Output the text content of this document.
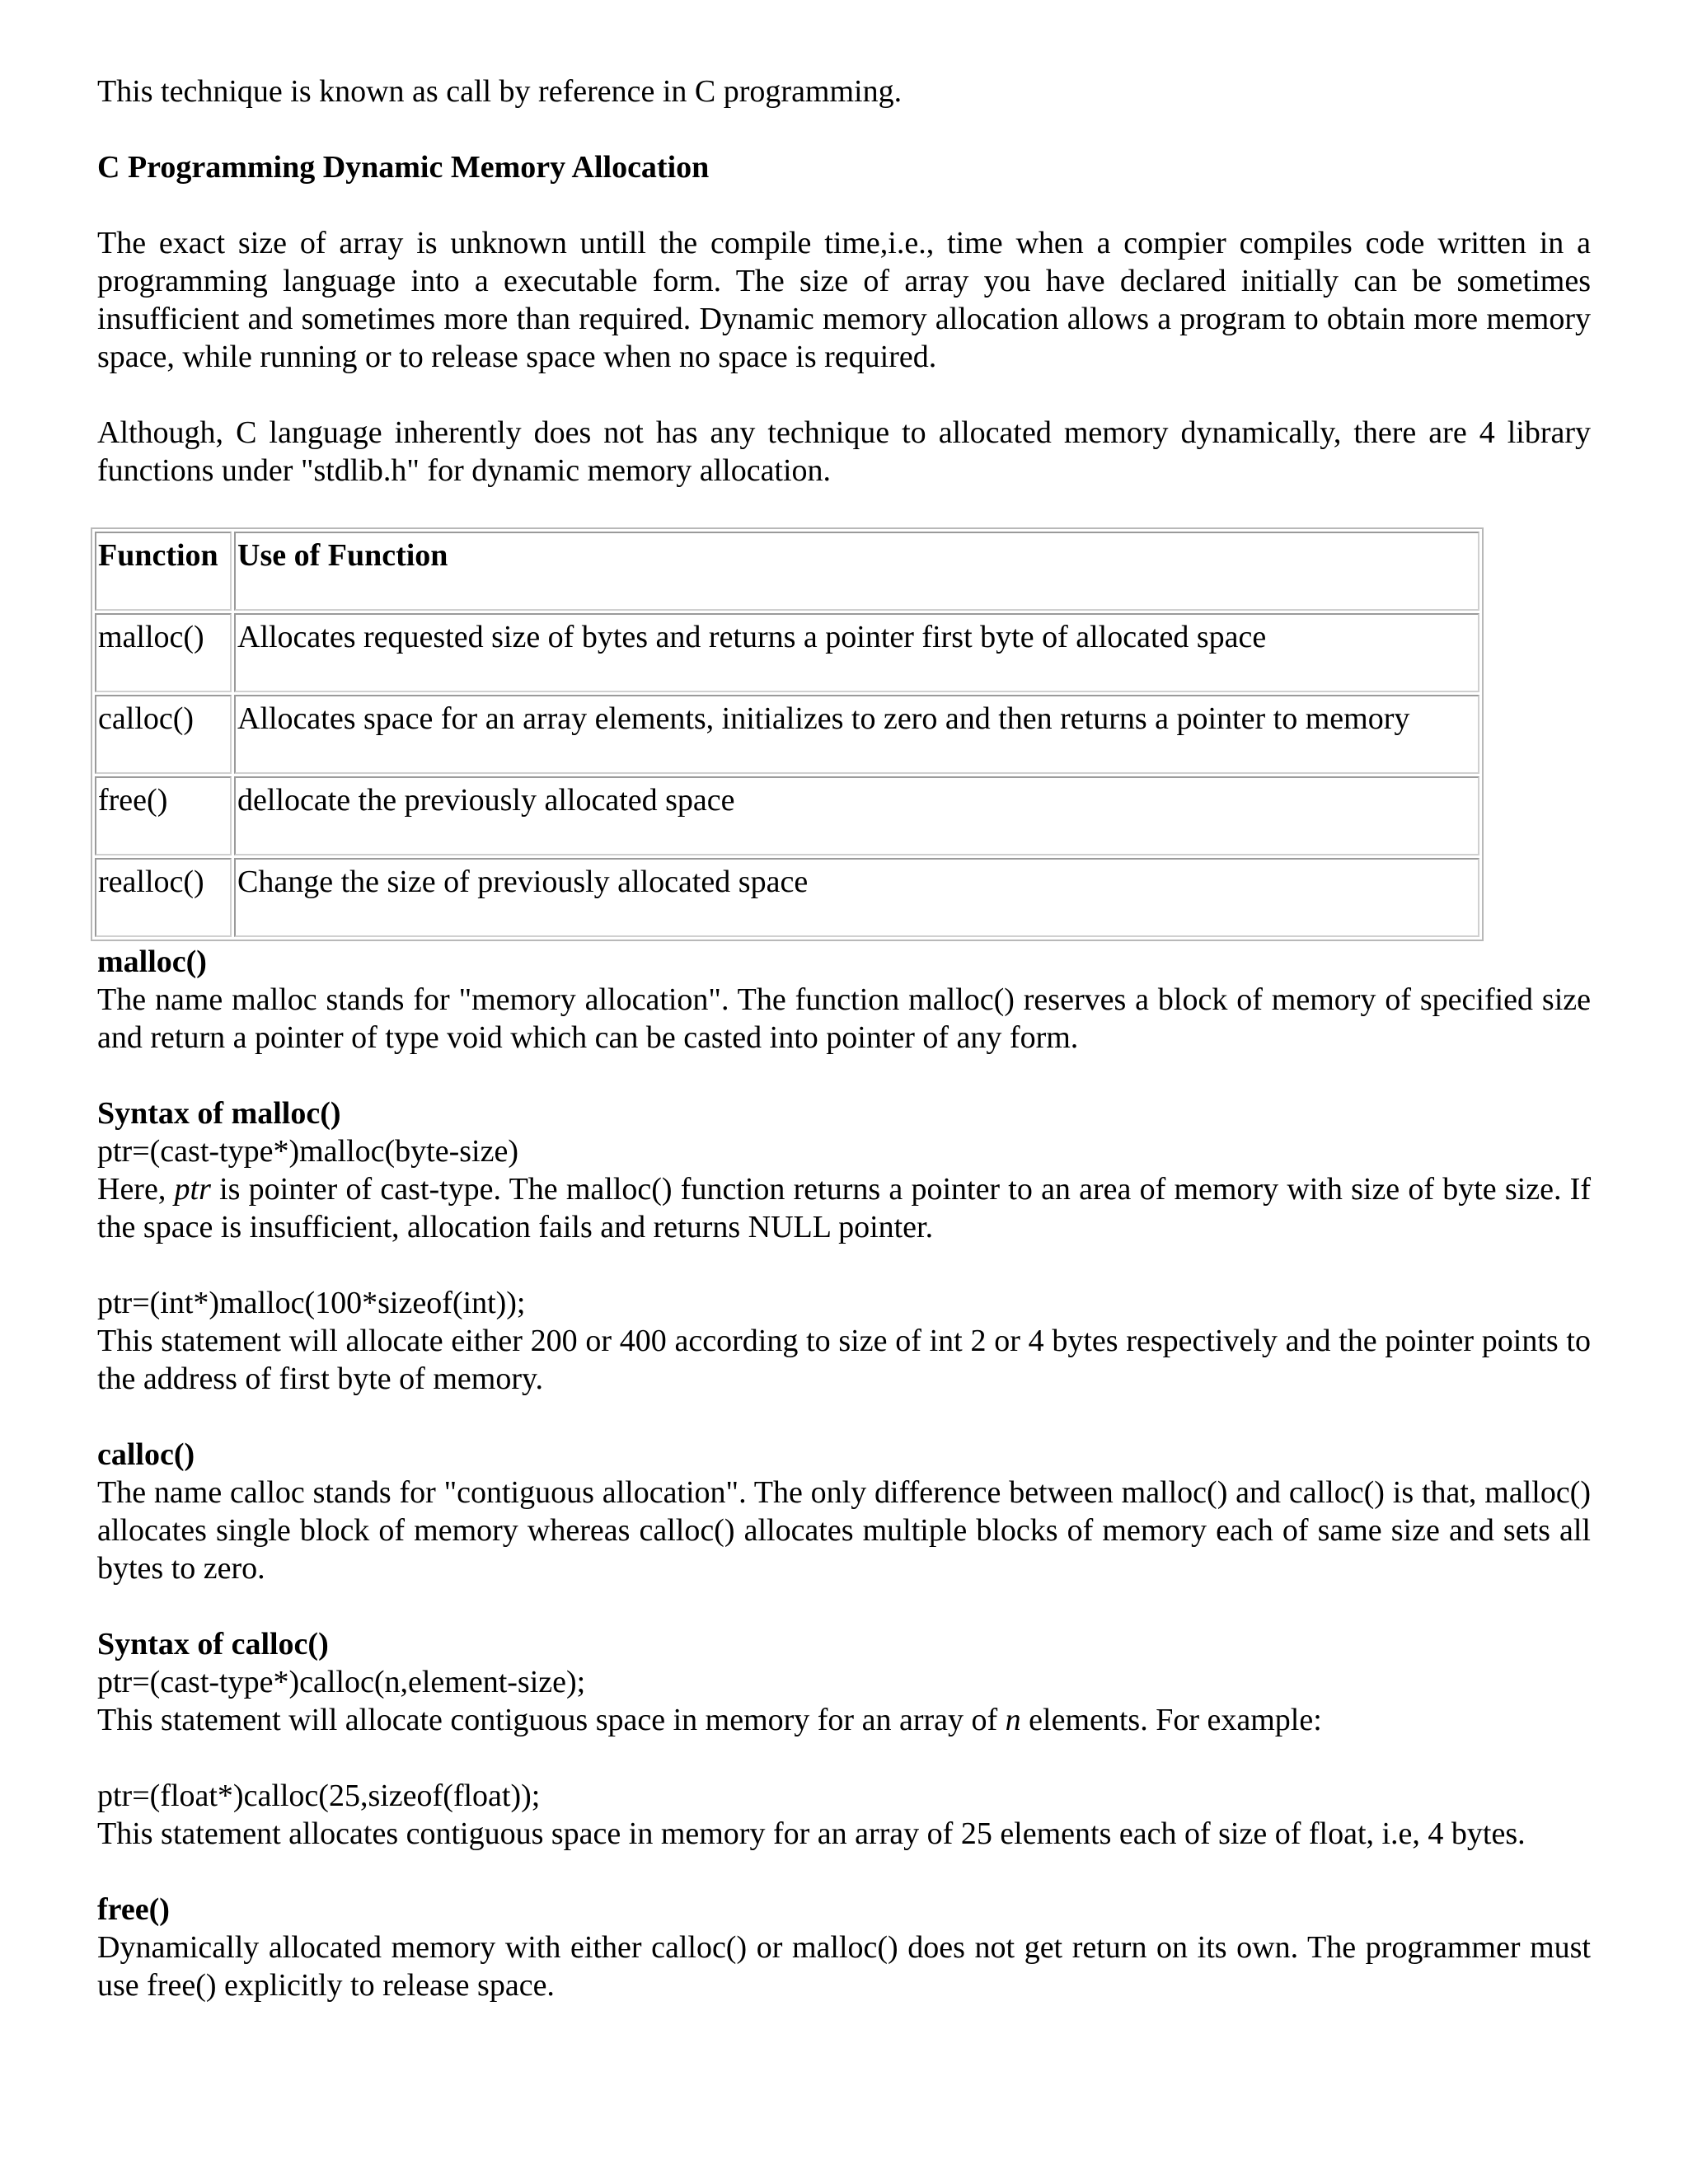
This technique is known as call by reference in C programming.

C Programming Dynamic Memory Allocation

The exact size of array is unknown untill the compile time,i.e., time when a compier compiles code written in a programming language into a executable form. The size of array you have declared initially can be sometimes insufficient and sometimes more than required. Dynamic memory allocation allows a program to obtain more memory space, while running or to release space when no space is required.

Although, C language inherently does not has any technique to allocated memory dynamically, there are 4 library functions under "stdlib.h" for dynamic memory allocation.

Function	Use of Function
malloc()	Allocates requested size of bytes and returns a pointer first byte of allocated space
calloc()	Allocates space for an array elements, initializes to zero and then returns a pointer to memory
free()	dellocate the previously allocated space
realloc()	Change the size of previously allocated space

malloc()

The name malloc stands for "memory allocation". The function malloc() reserves a block of memory of specified size and return a pointer of type void which can be casted into pointer of any form.

Syntax of malloc()

ptr=(cast-type*)malloc(byte-size)

Here, ptr is pointer of cast-type. The malloc() function returns a pointer to an area of memory with size of byte size. If the space is insufficient, allocation fails and returns NULL pointer.

ptr=(int*)malloc(100*sizeof(int));

This statement will allocate either 200 or 400 according to size of int 2 or 4 bytes respectively and the pointer points to the address of first byte of memory.

calloc()

The name calloc stands for "contiguous allocation". The only difference between malloc() and calloc() is that, malloc() allocates single block of memory whereas calloc() allocates multiple blocks of memory each of same size and sets all bytes to zero.

Syntax of calloc()

ptr=(cast-type*)calloc(n,element-size);

This statement will allocate contiguous space in memory for an array of n elements. For example:

ptr=(float*)calloc(25,sizeof(float));

This statement allocates contiguous space in memory for an array of 25 elements each of size of float, i.e, 4 bytes.

free()

Dynamically allocated memory with either calloc() or malloc() does not get return on its own. The programmer must use free() explicitly to release space.
